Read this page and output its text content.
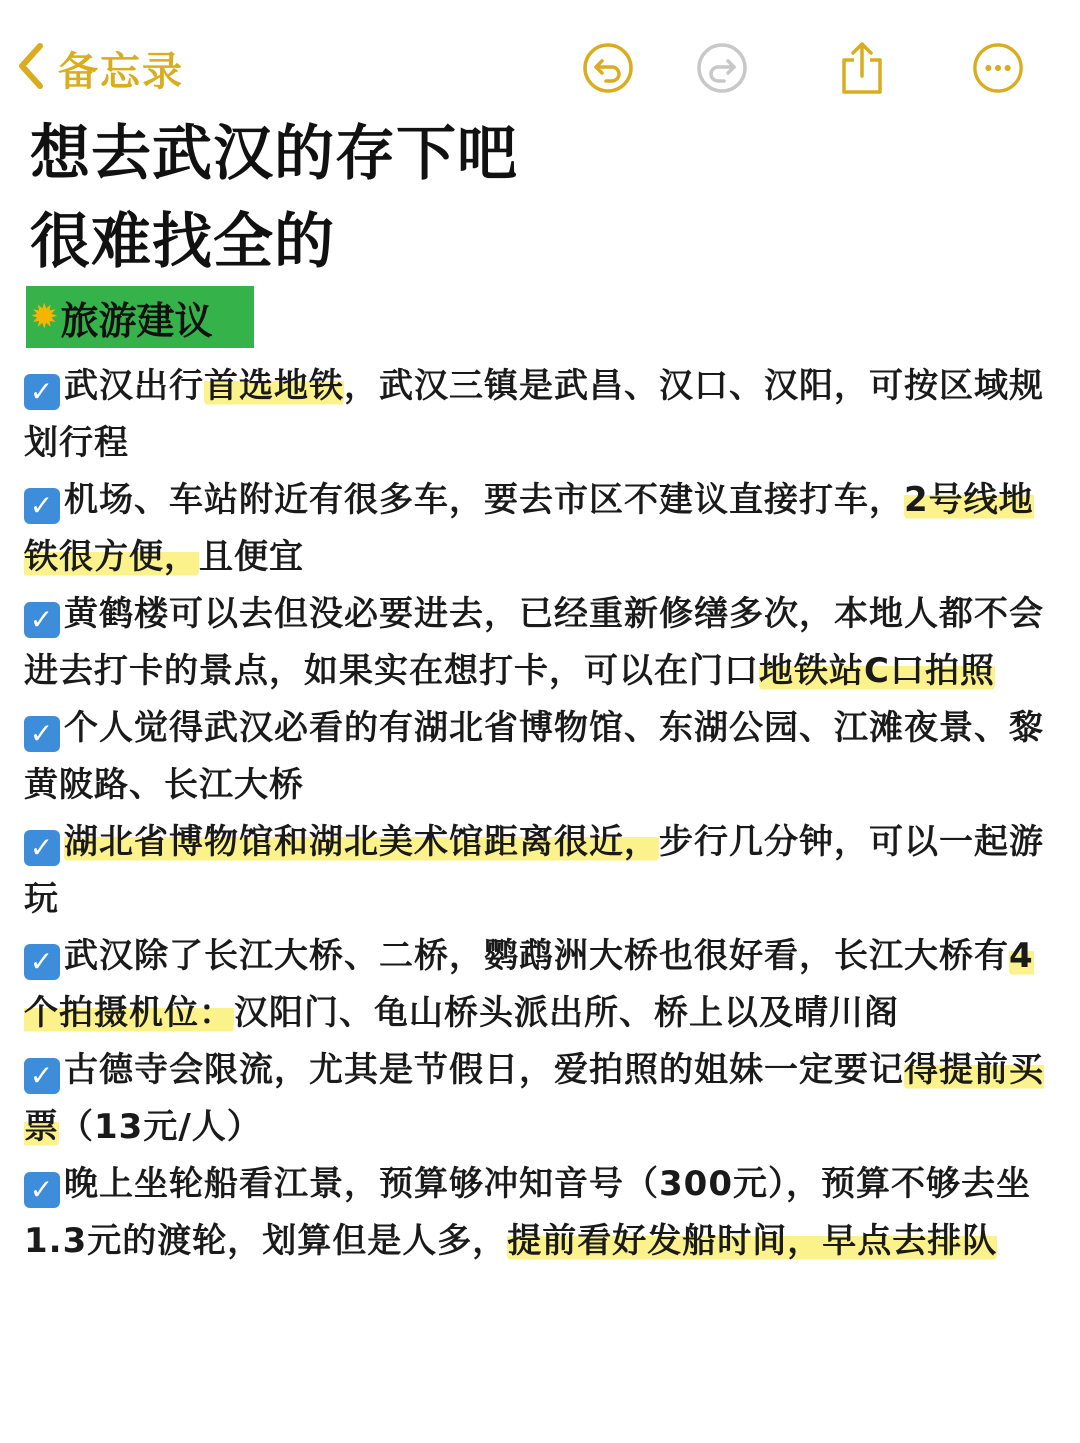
备忘录
想去武汉的存下吧
很难找全的
✹ 旅游建议

✓ 武汉出行首选地铁，武汉三镇是武昌、汉口、汉阳，可按区域规划行程

✓ 机场、车站附近有很多车，要去市区不建议直接打车，2号线地铁很方便，且便宜

✓ 黄鹤楼可以去但没必要进去，已经重新修缮多次，本地人都不会进去打卡的景点，如果实在想打卡，可以在门口地铁站C口拍照

✓ 个人觉得武汉必看的有湖北省博物馆、东湖公园、江滩夜景、黎黄陂路、长江大桥

✓ 湖北省博物馆和湖北美术馆距离很近，步行几分钟，可以一起游玩

✓ 武汉除了长江大桥、二桥，鹦鹉洲大桥也很好看，长江大桥有4个拍摄机位：汉阳门、龟山桥头派出所、桥上以及晴川阁

✓ 古德寺会限流，尤其是节假日，爱拍照的姐妹一定要记得提前买票（13元/人）

✓ 晚上坐轮船看江景，预算够冲知音号（300元），预算不够去坐1.3元的渡轮，划算但是人多，提前看好发船时间，早点去排队
